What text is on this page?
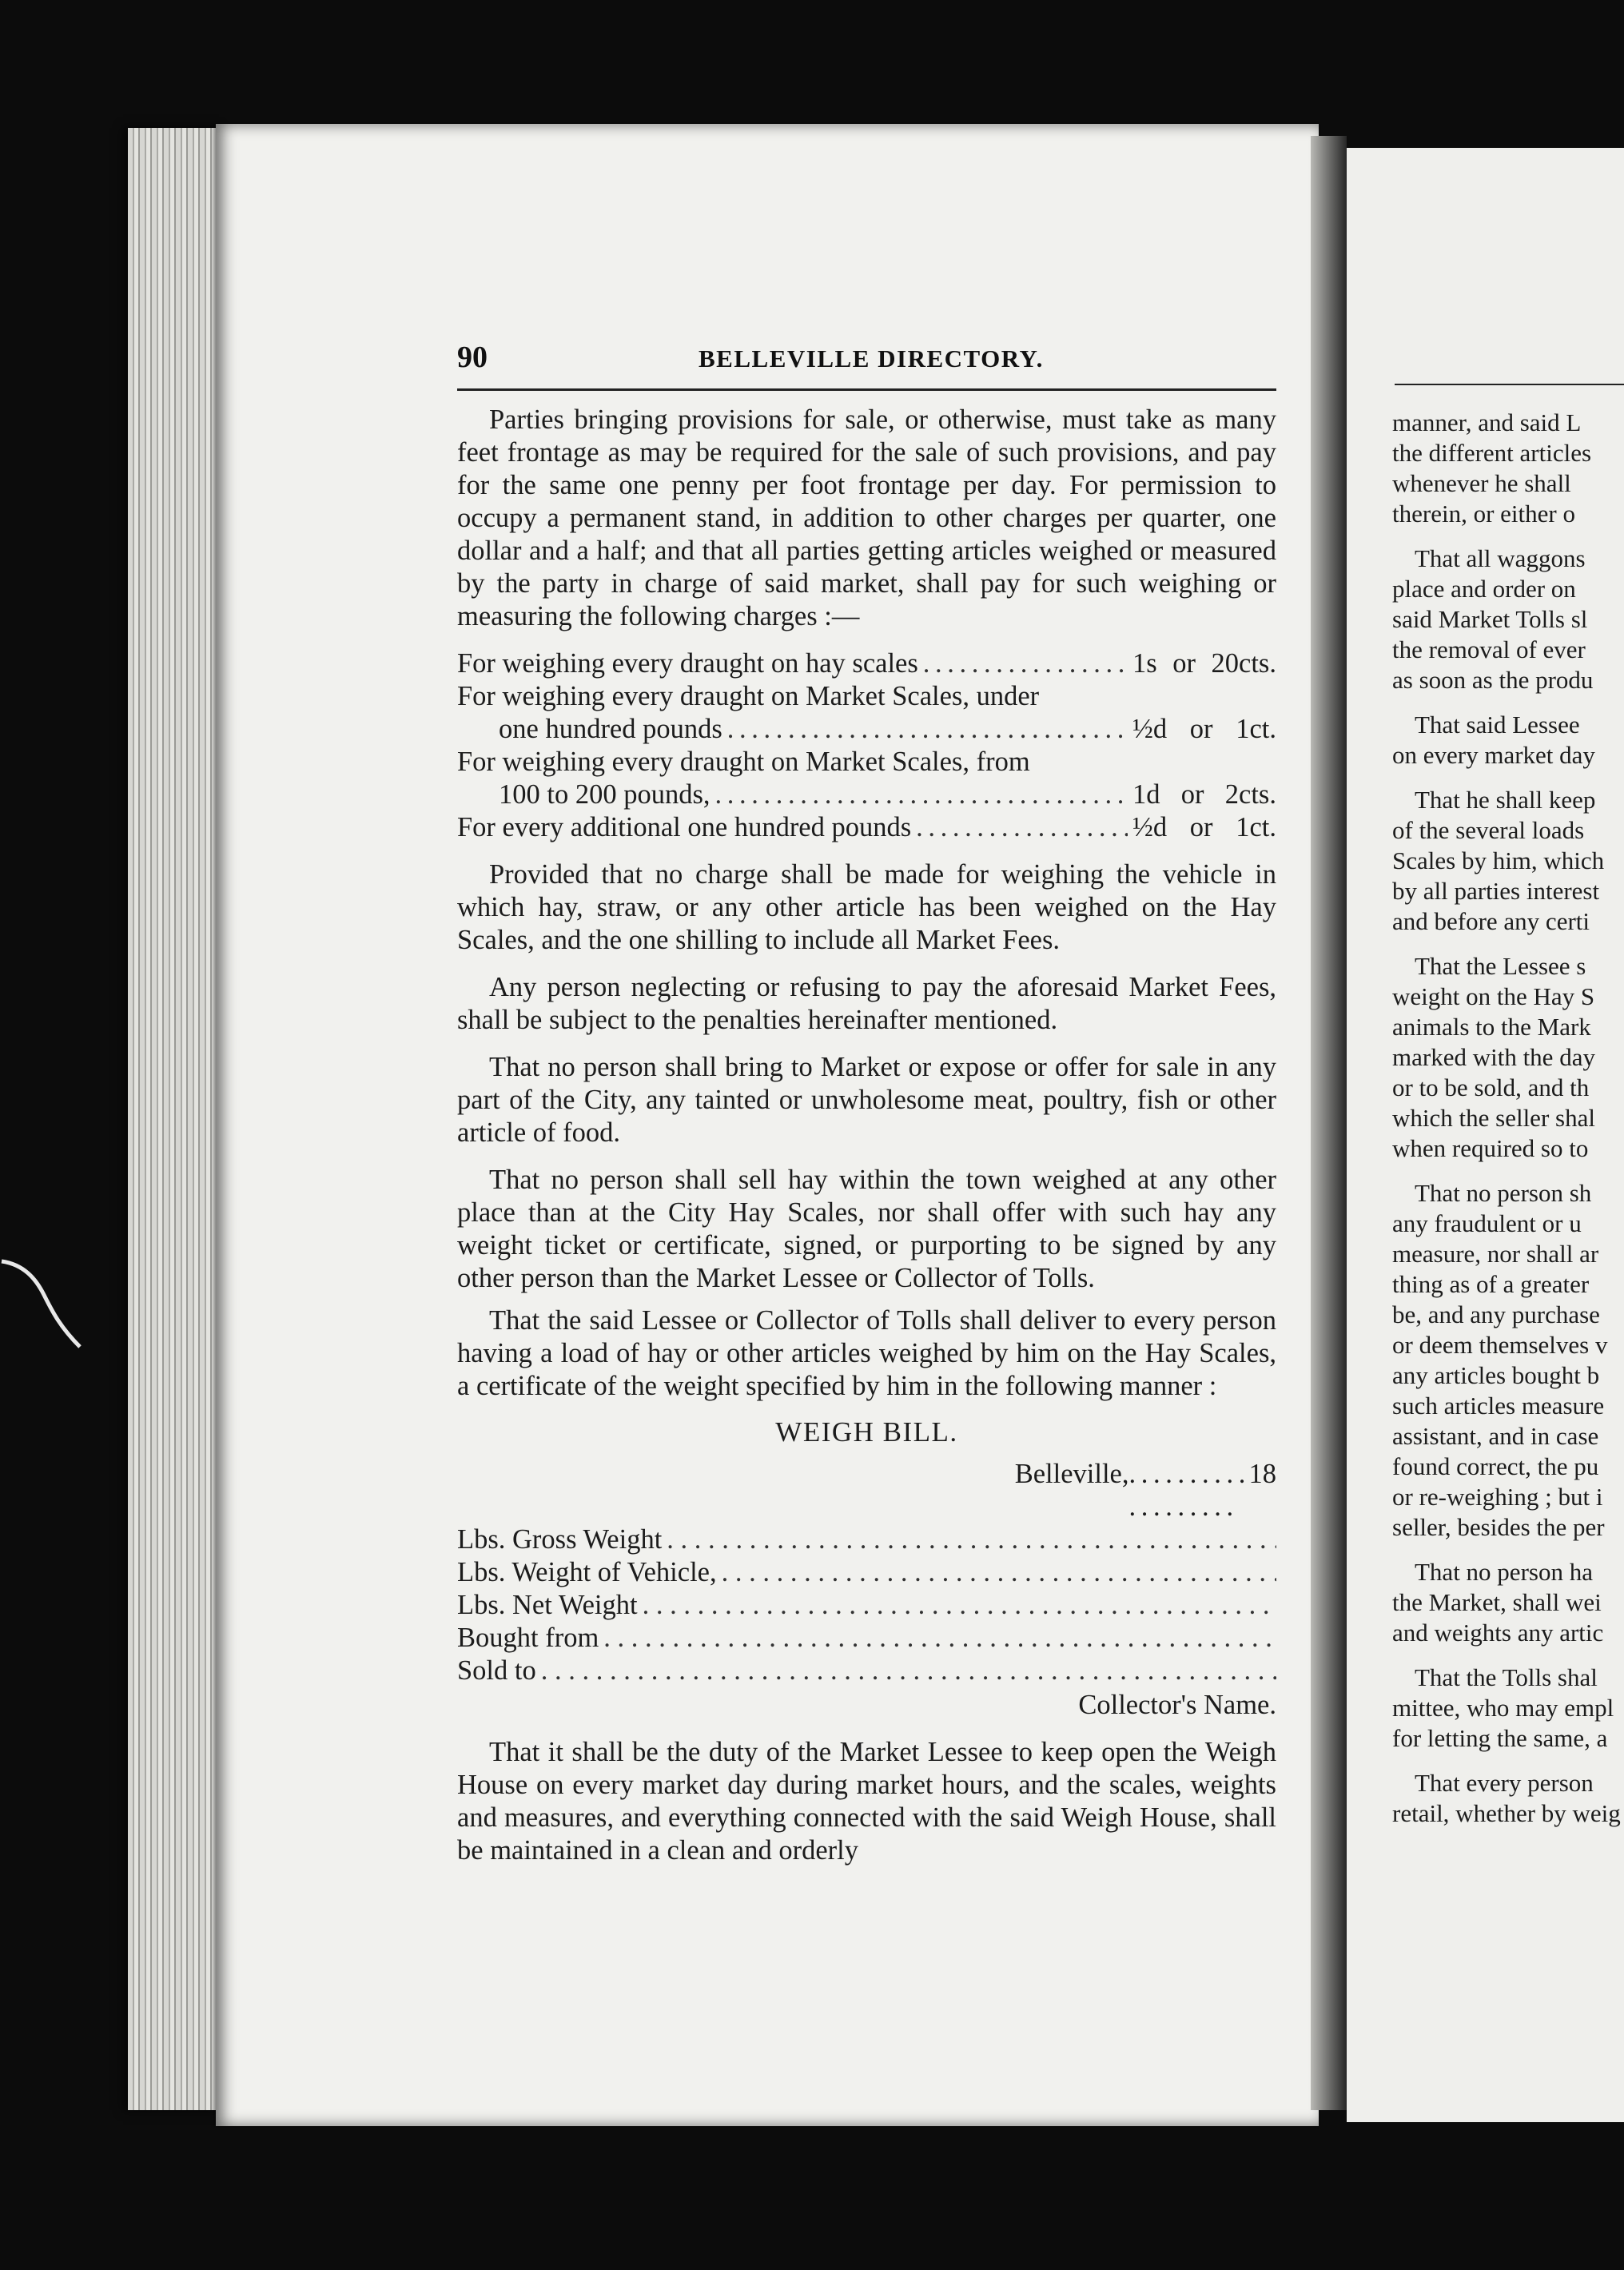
manner, and said L
the different articles
whenever he shall
therein, or either o
That all waggons
place and order on
said Market Tolls sl
the removal of ever
as soon as the produ
That said Lessee
on every market day
That he shall keep
of the several loads
Scales by him, which
by all parties interest
and before any certi
That the Lessee s
weight on the Hay S
animals to the Mark
marked with the day
or to be sold, and th
which the seller shal
when required so to
That no person sh
any fraudulent or u
measure, nor shall ar
thing as of a greater
be, and any purchase
or deem themselves v
any articles bought b
such articles measure
assistant, and in case
found correct, the pu
or re-weighing ; but i
seller, besides the per
That no person ha
the Market, shall wei
and weights any artic
That the Tolls shal
mittee, who may empl
for letting the same, a
That every person
retail, whether by weig
90	BELLEVILLE DIRECTORY.

Parties bringing provisions for sale, or otherwise, must take as many feet frontage as may be required for the sale of such provisions, and pay for the same one penny per foot frontage per day. For permission to occupy a permanent stand, in addition to other charges per quarter, one dollar and a half; and that all parties getting articles weighed or measured by the party in charge of said market, shall pay for such weighing or measuring the following charges :—

For weighing every draught on hay scales . . .	1s or 20cts.
For weighing every draught on Market Scales, under
one hundred pounds . . .	½d or 1ct.
For weighing every draught on Market Scales, from
100 to 200 pounds, . . .	1d or 2cts.
For every additional one hundred pounds . . .	½d or 1ct.

Provided that no charge shall be made for weighing the vehicle in which hay, straw, or any other article has been weighed on the Hay Scales, and the one shilling to include all Market Fees.

Any person neglecting or refusing to pay the aforesaid Market Fees, shall be subject to the penalties hereinafter mentioned.

That no person shall bring to Market or expose or offer for sale in any part of the City, any tainted or unwholesome meat, poultry, fish or other article of food.

That no person shall sell hay within the town weighed at any other place than at the City Hay Scales, nor shall offer with such hay any weight ticket or certificate, signed, or purporting to be signed by any other person than the Market Lessee or Collector of Tolls.

That the said Lessee or Collector of Tolls shall deliver to every person having a load of hay or other articles weighed by him on the Hay Scales, a certificate of the weight specified by him in the following manner :

WEIGH BILL.
Belleville, . . .	18
Lbs. Gross Weight
. . .
Lbs. Weight of Vehicle,
. . .
Lbs. Net Weight
. . .
Bought from
. . .
Sold to
. . .
Collector's Name.

That it shall be the duty of the Market Lessee to keep open the Weigh House on every market day during market hours, and the scales, weights and measures, and everything connected with the said Weigh House, shall be maintained in a clean and orderly
